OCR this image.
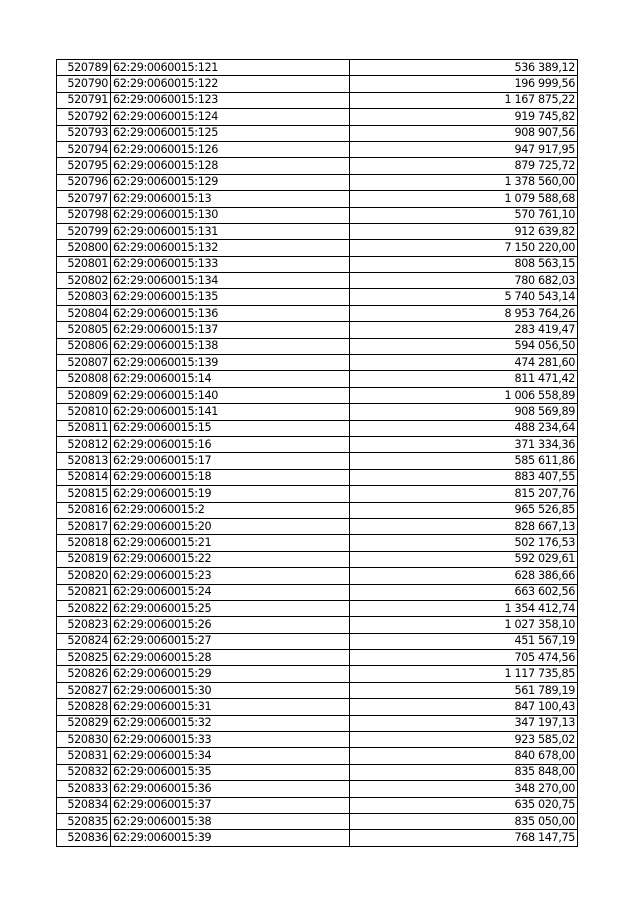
520789	62:29:0060015:121	536 389,12
520790	62:29:0060015:122	196 999,56
520791	62:29:0060015:123	1 167 875,22
520792	62:29:0060015:124	919 745,82
520793	62:29:0060015:125	908 907,56
520794	62:29:0060015:126	947 917,95
520795	62:29:0060015:128	879 725,72
520796	62:29:0060015:129	1 378 560,00
520797	62:29:0060015:13	1 079 588,68
520798	62:29:0060015:130	570 761,10
520799	62:29:0060015:131	912 639,82
520800	62:29:0060015:132	7 150 220,00
520801	62:29:0060015:133	808 563,15
520802	62:29:0060015:134	780 682,03
520803	62:29:0060015:135	5 740 543,14
520804	62:29:0060015:136	8 953 764,26
520805	62:29:0060015:137	283 419,47
520806	62:29:0060015:138	594 056,50
520807	62:29:0060015:139	474 281,60
520808	62:29:0060015:14	811 471,42
520809	62:29:0060015:140	1 006 558,89
520810	62:29:0060015:141	908 569,89
520811	62:29:0060015:15	488 234,64
520812	62:29:0060015:16	371 334,36
520813	62:29:0060015:17	585 611,86
520814	62:29:0060015:18	883 407,55
520815	62:29:0060015:19	815 207,76
520816	62:29:0060015:2	965 526,85
520817	62:29:0060015:20	828 667,13
520818	62:29:0060015:21	502 176,53
520819	62:29:0060015:22	592 029,61
520820	62:29:0060015:23	628 386,66
520821	62:29:0060015:24	663 602,56
520822	62:29:0060015:25	1 354 412,74
520823	62:29:0060015:26	1 027 358,10
520824	62:29:0060015:27	451 567,19
520825	62:29:0060015:28	705 474,56
520826	62:29:0060015:29	1 117 735,85
520827	62:29:0060015:30	561 789,19
520828	62:29:0060015:31	847 100,43
520829	62:29:0060015:32	347 197,13
520830	62:29:0060015:33	923 585,02
520831	62:29:0060015:34	840 678,00
520832	62:29:0060015:35	835 848,00
520833	62:29:0060015:36	348 270,00
520834	62:29:0060015:37	635 020,75
520835	62:29:0060015:38	835 050,00
520836	62:29:0060015:39	768 147,75
